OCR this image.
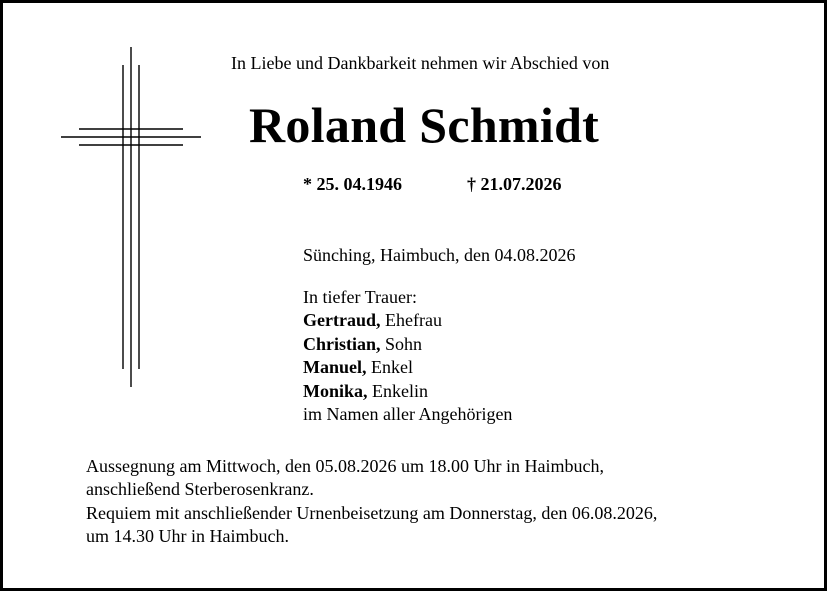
In Liebe und Dankbarkeit nehmen wir Abschied von
Roland Schmidt
* 25. 04.1946	† 21.07.2026
Sünching, Haimbuch, den 04.08.2026
In tiefer Trauer:
Gertraud, Ehefrau
Christian, Sohn
Manuel, Enkel
Monika, Enkelin
im Namen aller Angehörigen
Aussegnung am Mittwoch, den 05.08.2026 um 18.00 Uhr in Haimbuch,
anschließend Sterberosenkranz.
Requiem mit anschließender Urnenbeisetzung am Donnerstag, den 06.08.2026,
um 14.30 Uhr in Haimbuch.
